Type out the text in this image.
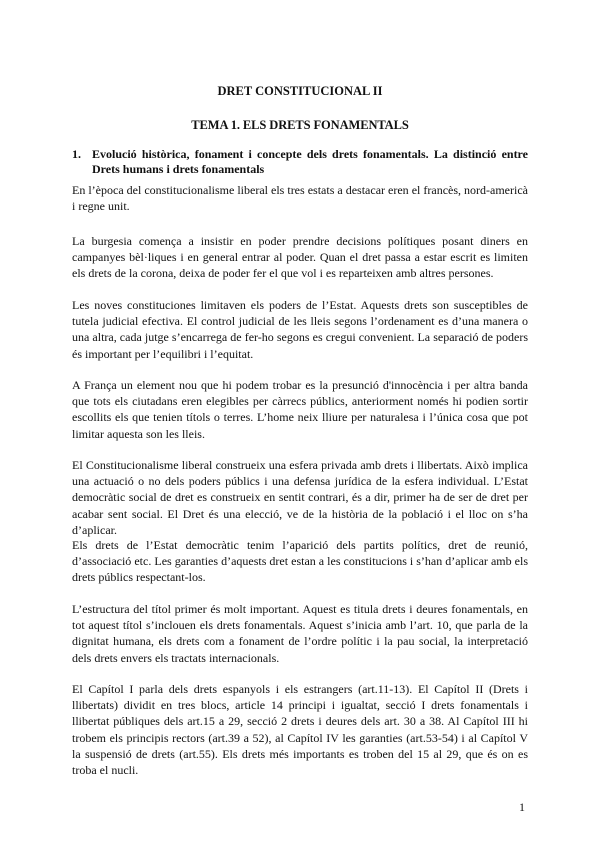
DRET CONSTITUCIONAL II

TEMA 1. ELS DRETS FONAMENTALS

1. Evolució històrica, fonament i concepte dels drets fonamentals. La distinció entre Drets humans i drets fonamentals

En l’època del constitucionalisme liberal els tres estats a destacar eren el francès, nord-americà i regne unit.

La burgesia comença a insistir en poder prendre decisions polítiques posant diners en campanyes bèl·liques i en general entrar al poder. Quan el dret passa a estar escrit es limiten els drets de la corona, deixa de poder fer el que vol i es reparteixen amb altres persones.

Les noves constituciones limitaven els poders de l’Estat. Aquests drets son susceptibles de tutela judicial efectiva. El control judicial de les lleis segons l’ordenament es d’una manera o una altra, cada jutge s’encarrega de fer-ho segons es cregui convenient. La separació de poders és important per l’equilibri i l’equitat.

A França un element nou que hi podem trobar es la presunció d'innocència i per altra banda que tots els ciutadans eren elegibles per càrrecs públics, anteriorment només hi podien sortir escollits els que tenien títols o terres. L’home neix lliure per naturalesa i l’única cosa que pot limitar aquesta son les lleis.

El Constitucionalisme liberal construeix una esfera privada amb drets i llibertats. Això implica una actuació o no dels poders públics i una defensa jurídica de la esfera individual. L’Estat democràtic social de dret es construeix en sentit contrari, és a dir, primer ha de ser de dret per acabar sent social. El Dret és una elecció, ve de la història de la població i el lloc on s’ha d’aplicar.

Els drets de l’Estat democràtic tenim l’aparició dels partits polítics, dret de reunió, d’associació etc. Les garanties d’aquests dret estan a les constitucions i s’han d’aplicar amb els drets públics respectant-los.

L’estructura del títol primer és molt important. Aquest es titula drets i deures fonamentals, en tot aquest títol s’inclouen els drets fonamentals. Aquest s’inicia amb l’art. 10, que parla de la dignitat humana, els drets com a fonament de l’ordre polític i la pau social, la interpretació dels drets envers els tractats internacionals.

El Capítol I parla dels drets espanyols i els estrangers (art.11-13). El Capítol II (Drets i llibertats) dividit en tres blocs, article 14 principi i igualtat, secció I drets fonamentals i llibertat públiques dels art.15 a 29, secció 2 drets i deures dels art. 30 a 38. Al Capítol III hi trobem els principis rectors (art.39 a 52), al Capítol IV les garanties (art.53-54) i al Capítol V la suspensió de drets (art.55). Els drets més importants es troben del 15 al 29, que és on es troba el nucli.

1
